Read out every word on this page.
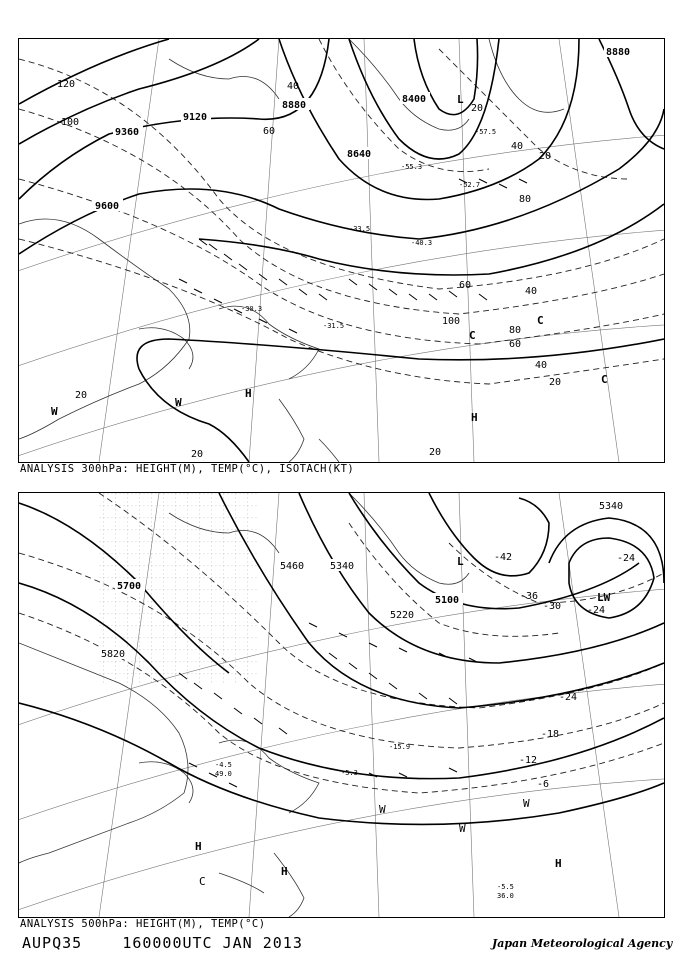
9360
9120
8880
8640
8400
9600
8880
120
100
60
40
20
80
40
20
100
80
60
40
20
20
20
40
60
20
-30.3
-31.5
-33.5
-40.3
-52.7
-55.3
-57.5
L
H
W
H
W
C
C
C
ANALYSIS 300hPa: HEIGHT(M), TEMP(°C), ISOTACH(KT)
5700
5820
5460	5340
5100
5220
5340
-42
-36
-30	-24
-24
-18
-12
-6
-24
-5.5
36.0
-15.9
-5.3
-4.5
49.0
L
LW
H
H
H
W
W
W
C
ANALYSIS 500hPa: HEIGHT(M), TEMP(°C)
AUPQ35	160000UTC JAN 2013	Japan Meteorological Agency
